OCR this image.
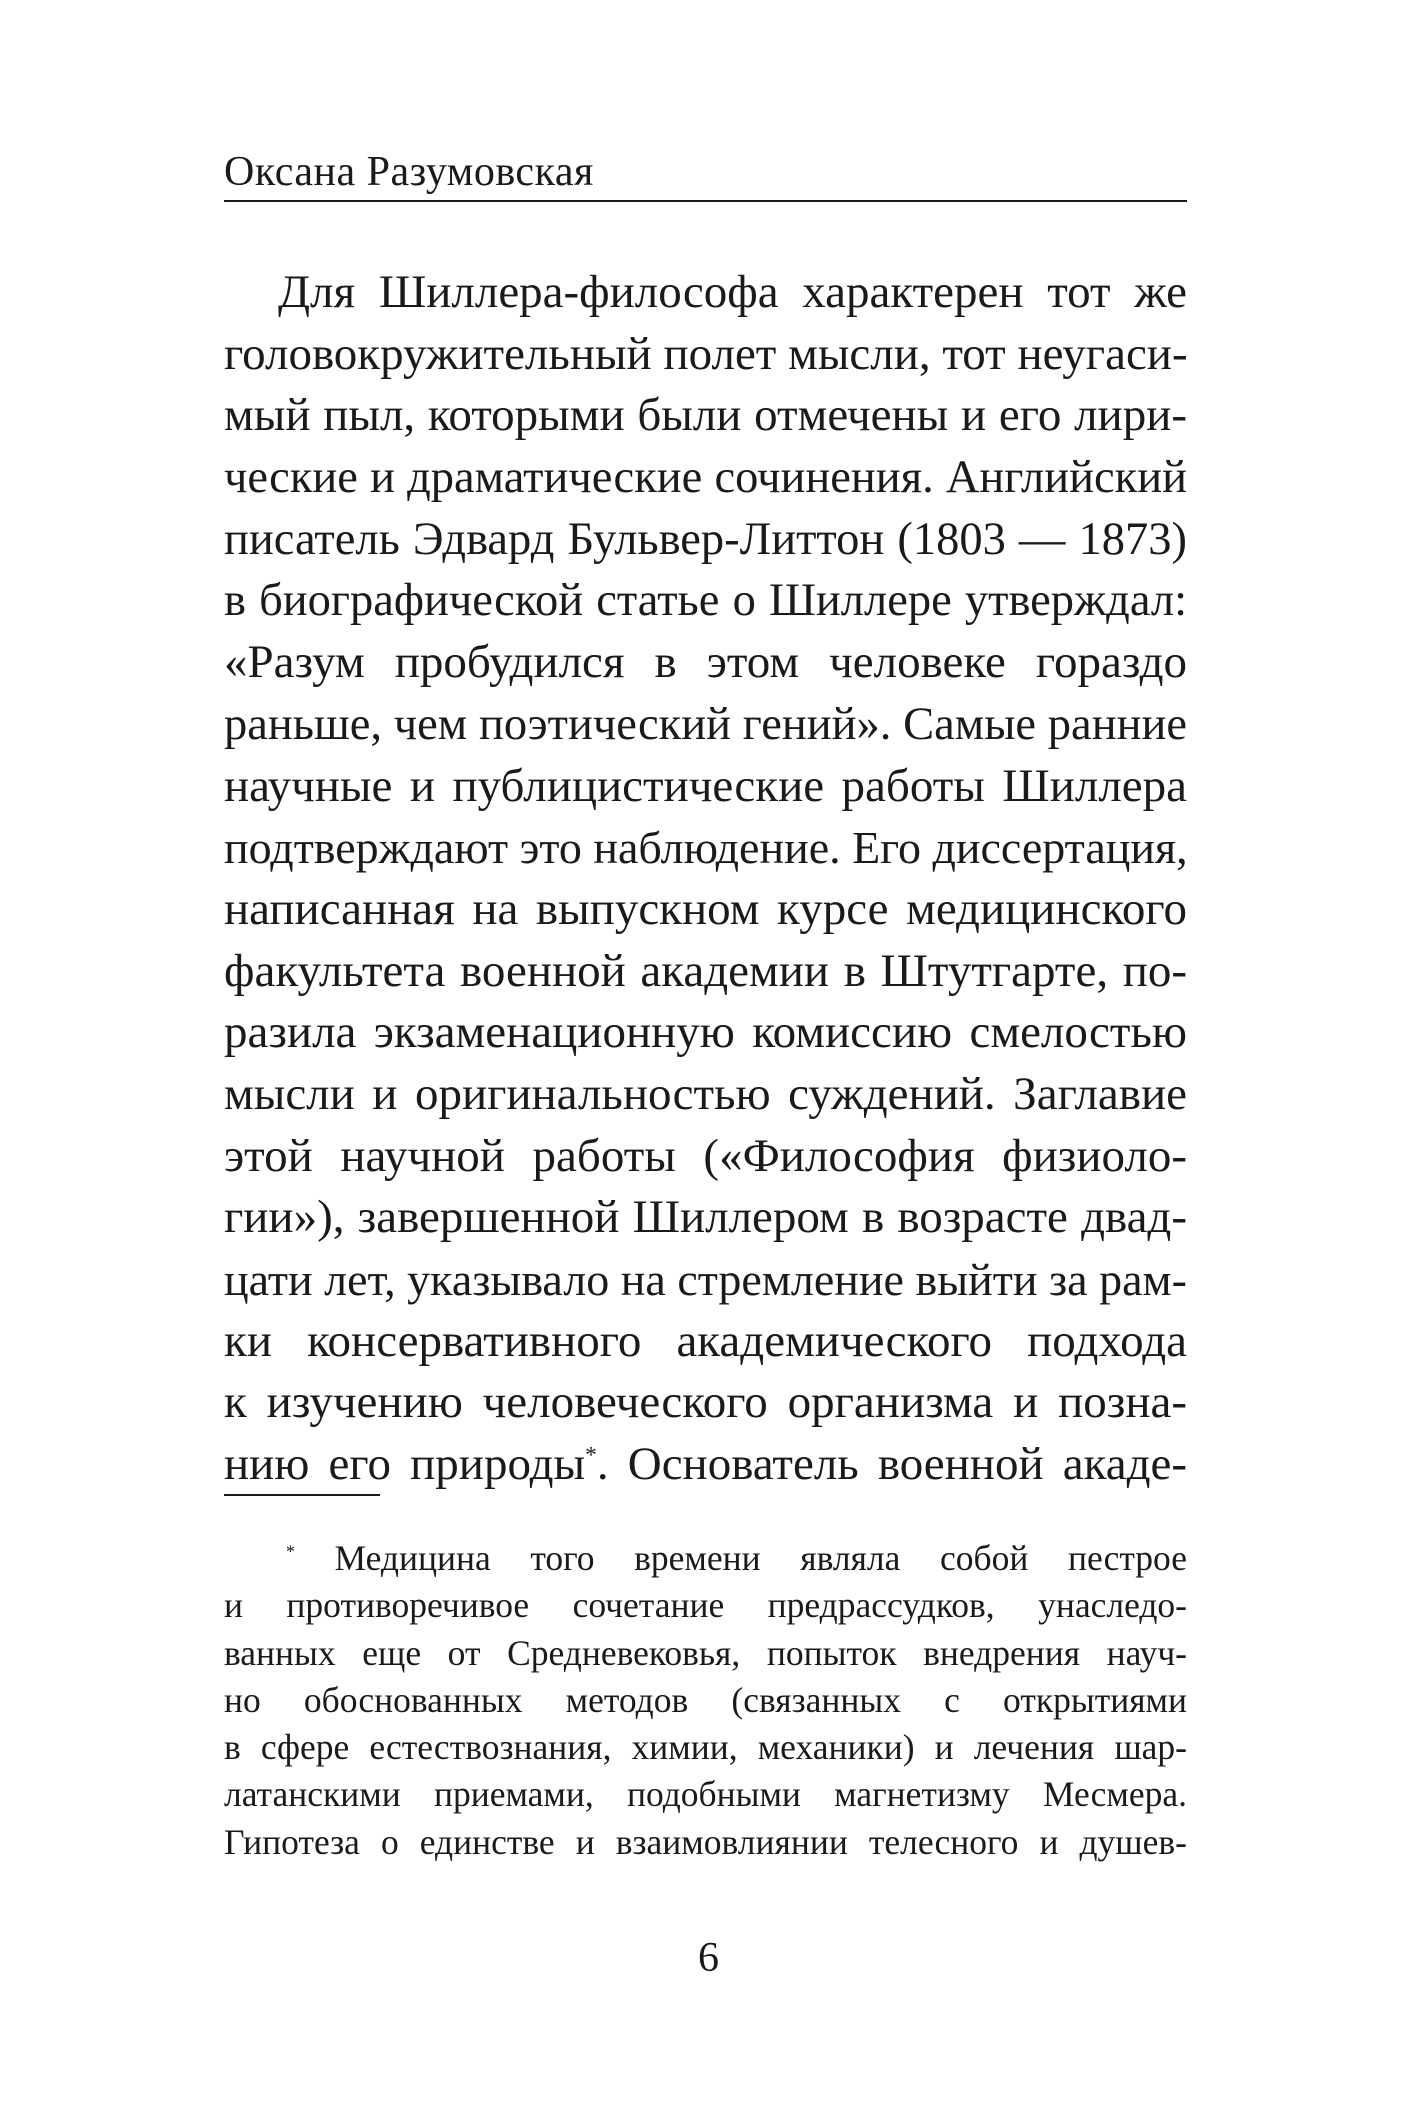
Оксана Разумовская
Для Шиллера-философа характерен тот же
головокружительный полет мысли, тот неугаси-
мый пыл, которыми были отмечены и его лири-
ческие и драматические сочинения. Английский
писатель Эдвард Бульвер-Литтон (1803 — 1873)
в биографической статье о Шиллере утверждал:
«Разум пробудился в этом человеке гораздо
раньше, чем поэтический гений». Самые ранние
научные и публицистические работы Шиллера
подтверждают это наблюдение. Его диссертация,
написанная на выпускном курсе медицинского
факультета военной академии в Штутгарте, по-
разила экзаменационную комиссию смелостью
мысли и оригинальностью суждений. Заглавие
этой научной работы («Философия физиоло-
гии»), завершенной Шиллером в возрасте двад-
цати лет, указывало на стремление выйти за рам-
ки консервативного академического подхода
к изучению человеческого организма и позна-
нию его природы*. Основатель военной акаде-
* Медицина того времени являла собой пестрое
и противоречивое сочетание предрассудков, унаследо-
ванных еще от Средневековья, попыток внедрения науч-
но обоснованных методов (связанных с открытиями
в сфере естествознания, химии, механики) и лечения шар-
латанскими приемами, подобными магнетизму Месмера.
Гипотеза о единстве и взаимовлиянии телесного и душев-
6
